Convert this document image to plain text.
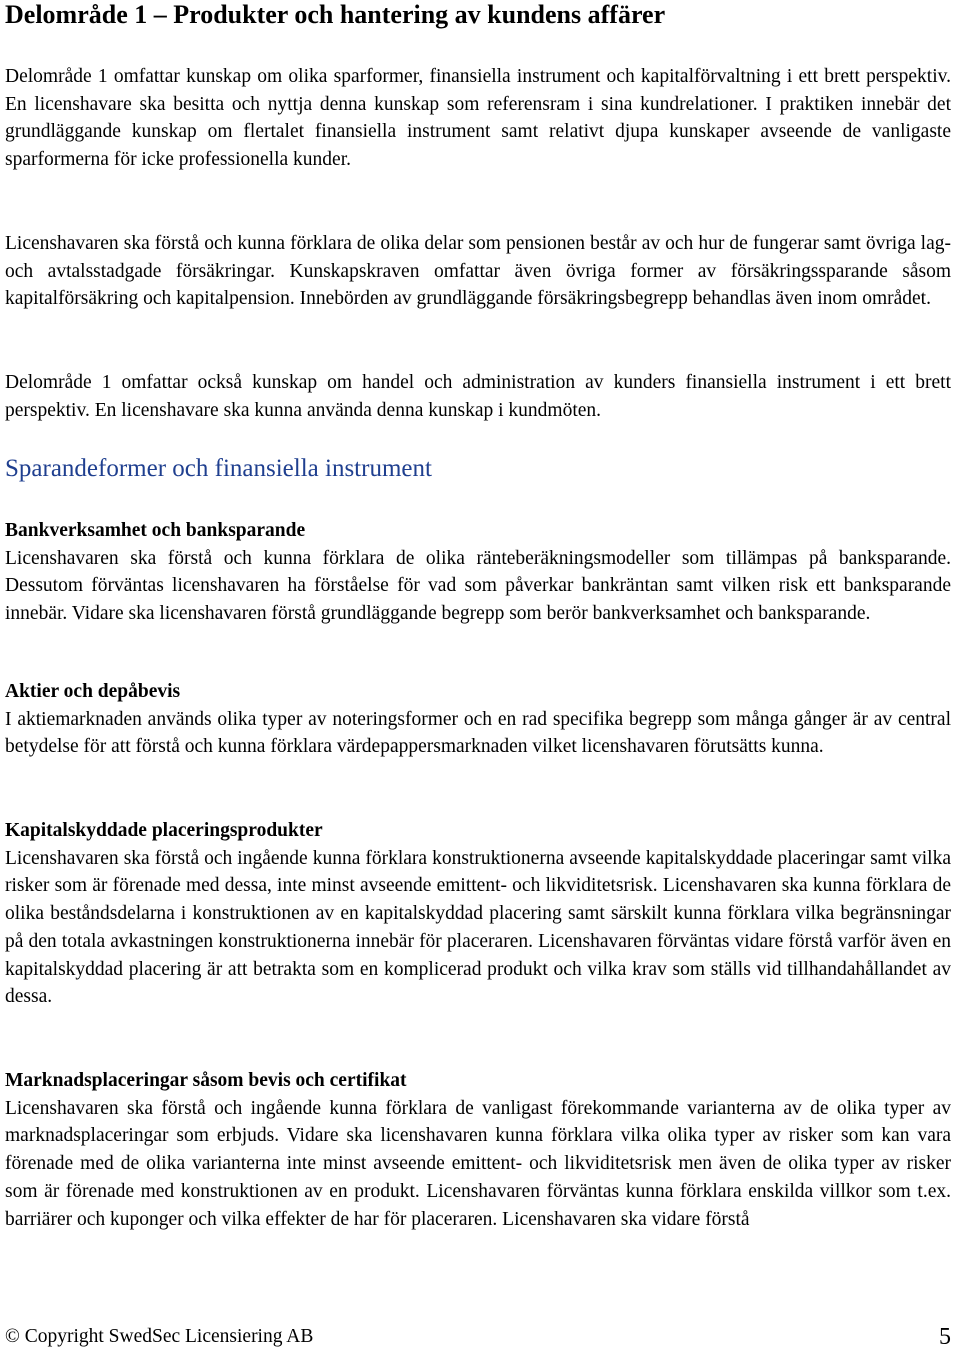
Delområde 1 – Produkter och hantering av kundens affärer

Delområde 1 omfattar kunskap om olika sparformer, finansiella instrument och kapitalförvaltning i ett brett perspektiv. En licenshavare ska besitta och nyttja denna kunskap som referensram i sina kundrelationer. I praktiken innebär det grundläggande kunskap om flertalet finansiella instrument samt relativt djupa kunskaper avseende de vanligaste sparformerna för icke professionella kunder.

Licenshavaren ska förstå och kunna förklara de olika delar som pensionen består av och hur de fungerar samt övriga lag- och avtalsstadgade försäkringar. Kunskapskraven omfattar även övriga former av försäkringssparande såsom kapitalförsäkring och kapitalpension. Innebörden av grundläggande försäkringsbegrepp behandlas även inom området.

Delområde 1 omfattar också kunskap om handel och administration av kunders finansiella instrument i ett brett perspektiv. En licenshavare ska kunna använda denna kunskap i kundmöten.

Sparandeformer och finansiella instrument
Bankverksamhet och banksparande

Licenshavaren ska förstå och kunna förklara de olika ränteberäkningsmodeller som tillämpas på banksparande. Dessutom förväntas licenshavaren ha förståelse för vad som påverkar bankräntan samt vilken risk ett banksparande innebär. Vidare ska licenshavaren förstå grundläggande begrepp som berör bankverksamhet och banksparande.

Aktier och depåbevis

I aktiemarknaden används olika typer av noteringsformer och en rad specifika begrepp som många gånger är av central betydelse för att förstå och kunna förklara värdepappersmarknaden vilket licenshavaren förutsätts kunna.

Kapitalskyddade placeringsprodukter

Licenshavaren ska förstå och ingående kunna förklara konstruktionerna avseende kapitalskyddade placeringar samt vilka risker som är förenade med dessa, inte minst avseende emittent- och likviditetsrisk. Licenshavaren ska kunna förklara de olika beståndsdelarna i konstruktionen av en kapitalskyddad placering samt särskilt kunna förklara vilka begränsningar på den totala avkastningen konstruktionerna innebär för placeraren. Licenshavaren förväntas vidare förstå varför även en kapitalskyddad placering är att betrakta som en komplicerad produkt och vilka krav som ställs vid tillhandahållandet av dessa.

Marknadsplaceringar såsom bevis och certifikat

Licenshavaren ska förstå och ingående kunna förklara de vanligast förekommande varianterna av de olika typer av marknadsplaceringar som erbjuds. Vidare ska licenshavaren kunna förklara vilka olika typer av risker som kan vara förenade med de olika varianterna inte minst avseende emittent- och likviditetsrisk men även de olika typer av risker som är förenade med konstruktionen av en produkt. Licenshavaren förväntas kunna förklara enskilda villkor som t.ex. barriärer och kuponger och vilka effekter de har för placeraren. Licenshavaren ska vidare förstå

© Copyright SwedSec Licensiering AB	5
